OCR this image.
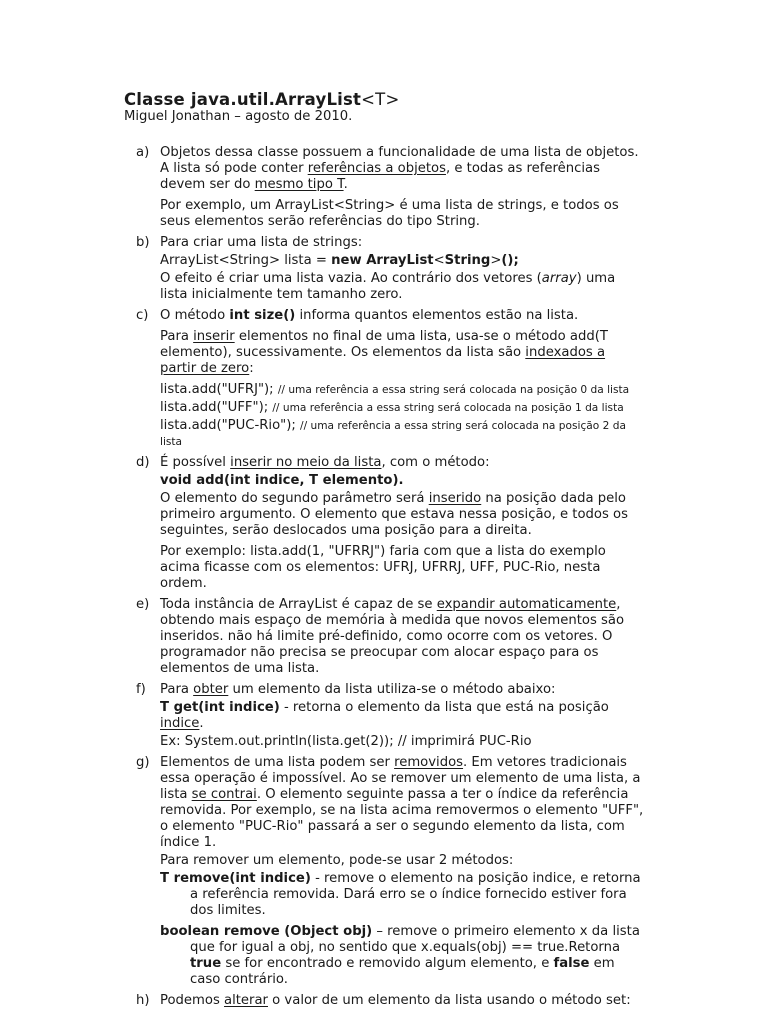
Classe java.util.ArrayList<T>
Miguel Jonathan – agosto de 2010.
a) Objetos dessa classe possuem a funcionalidade de uma lista de objetos. A lista só pode conter referências a objetos, e todas as referências devem ser do mesmo tipo T.
Por exemplo, um ArrayList<String> é uma lista de strings, e todos os seus elementos serão referências do tipo String.
b) Para criar uma lista de strings:
ArrayList<String> lista = new ArrayList<String>();
O efeito é criar uma lista vazia. Ao contrário dos vetores (array) uma lista inicialmente tem tamanho zero.
c) O método int size() informa quantos elementos estão na lista.
Para inserir elementos no final de uma lista, usa-se o método add(T elemento), sucessivamente. Os elementos da lista são indexados a partir de zero:
lista.add("UFRJ"); // uma referência a essa string será colocada na posição 0 da lista
lista.add("UFF"); // uma referência a essa string será colocada na posição 1 da lista
lista.add("PUC-Rio"); // uma referência a essa string será colocada na posição 2 da lista
d) É possível inserir no meio da lista, com o método:
void add(int indice, T elemento).
O elemento do segundo parâmetro será inserido na posição dada pelo primeiro argumento. O elemento que estava nessa posição, e todos os seguintes, serão deslocados uma posição para a direita.
Por exemplo: lista.add(1, "UFRRJ") faria com que a lista do exemplo acima ficasse com os elementos: UFRJ, UFRRJ, UFF, PUC-Rio, nesta ordem.
e) Toda instância de ArrayList é capaz de se expandir automaticamente, obtendo mais espaço de memória à medida que novos elementos são inseridos. não há limite pré-definido, como ocorre com os vetores. O programador não precisa se preocupar com alocar espaço para os elementos de uma lista.
f) Para obter um elemento da lista utiliza-se o método abaixo:
T get(int indice) - retorna o elemento da lista que está na posição indice.
Ex: System.out.println(lista.get(2)); // imprimirá PUC-Rio
g) Elementos de uma lista podem ser removidos. Em vetores tradicionais essa operação é impossível. Ao se remover um elemento de uma lista, a lista se contrai. O elemento seguinte passa a ter o índice da referência removida. Por exemplo, se na lista acima removermos o elemento "UFF", o elemento "PUC-Rio" passará a ser o segundo elemento da lista, com índice 1.
Para remover um elemento, pode-se usar 2 métodos:
T remove(int indice) - remove o elemento na posição indice, e retorna a referência removida. Dará erro se o índice fornecido estiver fora dos limites.
boolean remove (Object obj) – remove o primeiro elemento x da lista que for igual a obj, no sentido que x.equals(obj) == true.Retorna true se for encontrado e removido algum elemento, e false em caso contrário.
h) Podemos alterar o valor de um elemento da lista usando o método set:
